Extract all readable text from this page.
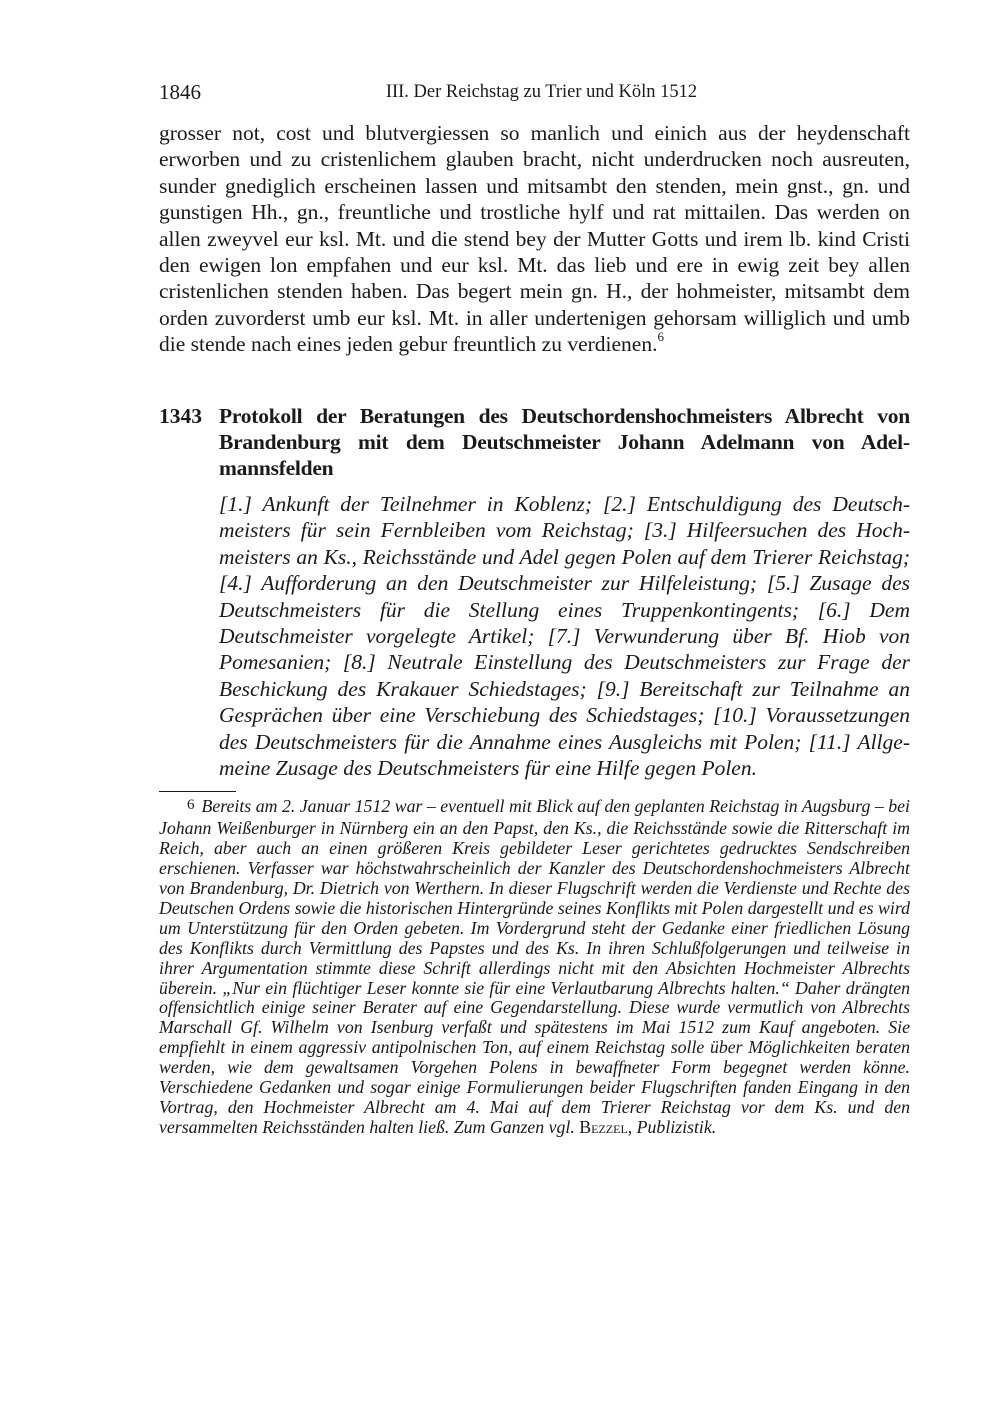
1846	III. Der Reichstag zu Trier und Köln 1512

grosser not, cost und blutvergiessen so manlich und einich aus der heydenschaft erworben und zu cristenlichem glauben bracht, nicht underdrucken noch ausreuten, sunder gnediglich erscheinen lassen und mitsambt den stenden, mein gnst., gn. und gunstigen Hh., gn., freuntliche und trostliche hylf und rat mittailen. Das werden on allen zweyvel eur ksl. Mt. und die stend bey der Mutter Gotts und irem lb. kind Cristi den ewigen lon empfahen und eur ksl. Mt. das lieb und ere in ewig zeit bey allen cristenlichen stenden haben. Das begert mein gn. H., der hohmeister, mitsambt dem orden zuvorderst umb eur ksl. Mt. in aller undertenigen gehorsam williglich und umb die stende nach eines jeden gebur freuntlich zu verdienen.$^6$

1343 Protokoll der Beratungen des Deutschordenshochmeisters Albrecht von Brandenburg mit dem Deutschmeister Johann Adelmann von Adelmannsfelden
[1.] Ankunft der Teilnehmer in Koblenz; [2.] Entschuldigung des Deutschmeisters für sein Fernbleiben vom Reichstag; [3.] Hilfeersuchen des Hochmeisters an Ks., Reichsstände und Adel gegen Polen auf dem Trierer Reichstag; [4.] Aufforderung an den Deutschmeister zur Hilfeleistung; [5.] Zusage des Deutschmeisters für die Stellung eines Truppenkontingents; [6.] Dem Deutschmeister vorgelegte Artikel; [7.] Verwunderung über Bf. Hiob von Pomesanien; [8.] Neutrale Einstellung des Deutschmeisters zur Frage der Beschickung des Krakauer Schiedstages; [9.] Bereitschaft zur Teilnahme an Gesprächen über eine Verschiebung des Schiedstages; [10.] Voraussetzungen des Deutschmeisters für die Annahme eines Ausgleichs mit Polen; [11.] Allgemeine Zusage des Deutschmeisters für eine Hilfe gegen Polen.
6 Bereits am 2. Januar 1512 war – eventuell mit Blick auf den geplanten Reichstag in Augsburg – bei Johann Weißenburger in Nürnberg ein an den Papst, den Ks., die Reichsstände sowie die Ritterschaft im Reich, aber auch an einen größeren Kreis gebildeter Leser gerichtetes gedrucktes Sendschreiben erschienen. Verfasser war höchstwahrscheinlich der Kanzler des Deutschordenshochmeisters Albrecht von Brandenburg, Dr. Dietrich von Werthern. In dieser Flugschrift werden die Verdienste und Rechte des Deutschen Ordens sowie die historischen Hintergründe seines Konflikts mit Polen dargestellt und es wird um Unterstützung für den Orden gebeten. Im Vordergrund steht der Gedanke einer friedlichen Lösung des Konflikts durch Vermittlung des Papstes und des Ks. In ihren Schlußfolgerungen und teilweise in ihrer Argumentation stimmte diese Schrift allerdings nicht mit den Absichten Hochmeister Albrechts überein. „Nur ein flüchtiger Leser konnte sie für eine Verlautbarung Albrechts halten.“ Daher drängten offensichtlich einige seiner Berater auf eine Gegendarstellung. Diese wurde vermutlich von Albrechts Marschall Gf. Wilhelm von Isenburg verfaßt und spätestens im Mai 1512 zum Kauf angeboten. Sie empfiehlt in einem aggressiv antipolnischen Ton, auf einem Reichstag solle über Möglichkeiten beraten werden, wie dem gewaltsamen Vorgehen Polens in bewaffneter Form begegnet werden könne. Verschiedene Gedanken und sogar einige Formulierungen beider Flugschriften fanden Eingang in den Vortrag, den Hochmeister Albrecht am 4. Mai auf dem Trierer Reichstag vor dem Ks. und den versammelten Reichsständen halten ließ. Zum Ganzen vgl. Bezzel, Publizistik.
